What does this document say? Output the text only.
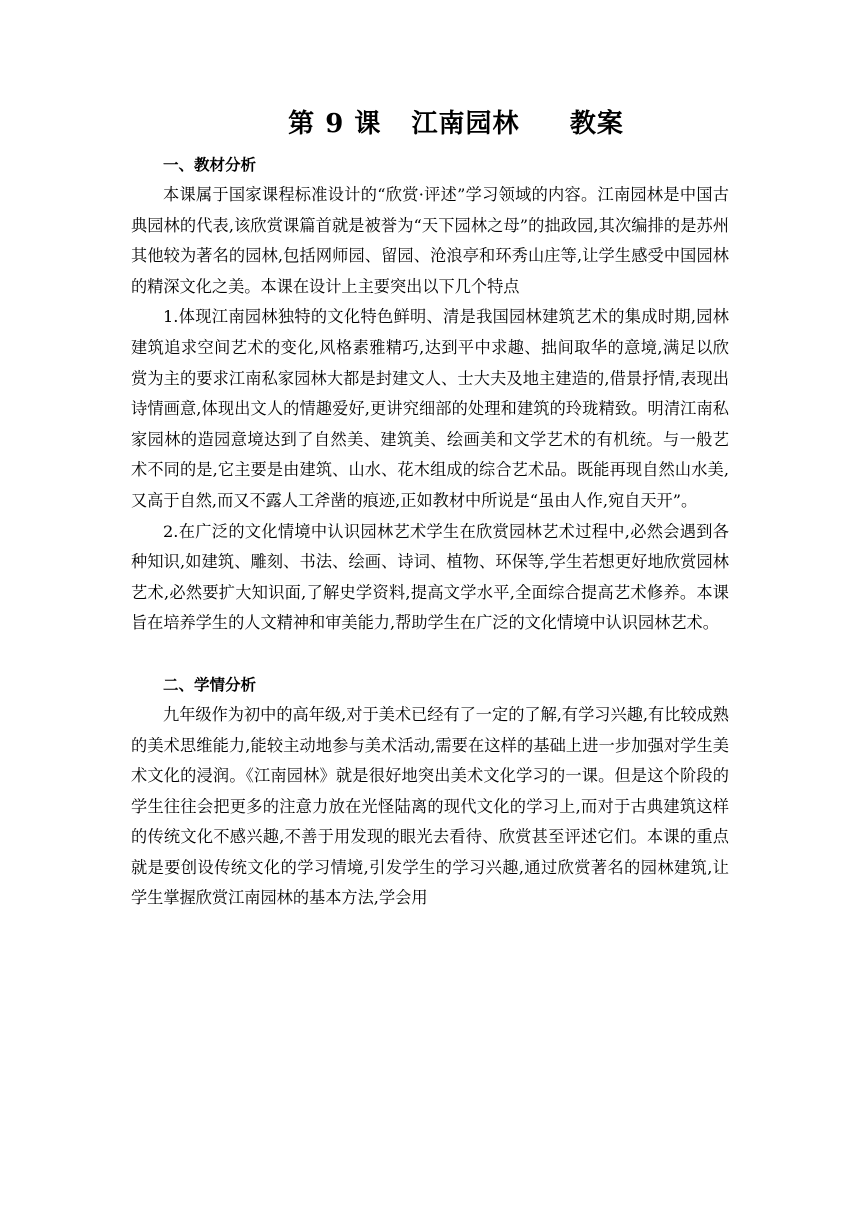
第 9 课 江南园林 教案

一、教材分析

本课属于国家课程标准设计的“欣赏·评述”学习领域的内容。江南园林是中国古典园林的代表,该欣赏课篇首就是被誉为“天下园林之母”的拙政园,其次编排的是苏州其他较为著名的园林,包括网师园、留园、沧浪亭和环秀山庄等,让学生感受中国园林的精深文化之美。本课在设计上主要突出以下几个特点

1.体现江南园林独特的文化特色鲜明、清是我国园林建筑艺术的集成时期,园林建筑追求空间艺术的变化,风格素雅精巧,达到平中求趣、拙间取华的意境,满足以欣赏为主的要求江南私家园林大都是封建文人、士大夫及地主建造的,借景抒情,表现出诗情画意,体现出文人的情趣爱好,更讲究细部的处理和建筑的玲珑精致。明清江南私家园林的造园意境达到了自然美、建筑美、绘画美和文学艺术的有机统。与一般艺术不同的是,它主要是由建筑、山水、花木组成的综合艺术品。既能再现自然山水美,又高于自然,而又不露人工斧凿的痕迹,正如教材中所说是“虽由人作,宛自天开”。

2.在广泛的文化情境中认识园林艺术学生在欣赏园林艺术过程中,必然会遇到各种知识,如建筑、雕刻、书法、绘画、诗词、植物、环保等,学生若想更好地欣赏园林艺术,必然要扩大知识面,了解史学资料,提高文学水平,全面综合提高艺术修养。本课旨在培养学生的人文精神和审美能力,帮助学生在广泛的文化情境中认识园林艺术。

二、学情分析

九年级作为初中的高年级,对于美术已经有了一定的了解,有学习兴趣,有比较成熟的美术思维能力,能较主动地参与美术活动,需要在这样的基础上进一步加强对学生美术文化的浸润。《江南园林》就是很好地突出美术文化学习的一课。但是这个阶段的学生往往会把更多的注意力放在光怪陆离的现代文化的学习上,而对于古典建筑这样的传统文化不感兴趣,不善于用发现的眼光去看待、欣赏甚至评述它们。本课的重点就是要创设传统文化的学习情境,引发学生的学习兴趣,通过欣赏著名的园林建筑,让学生掌握欣赏江南园林的基本方法,学会用
